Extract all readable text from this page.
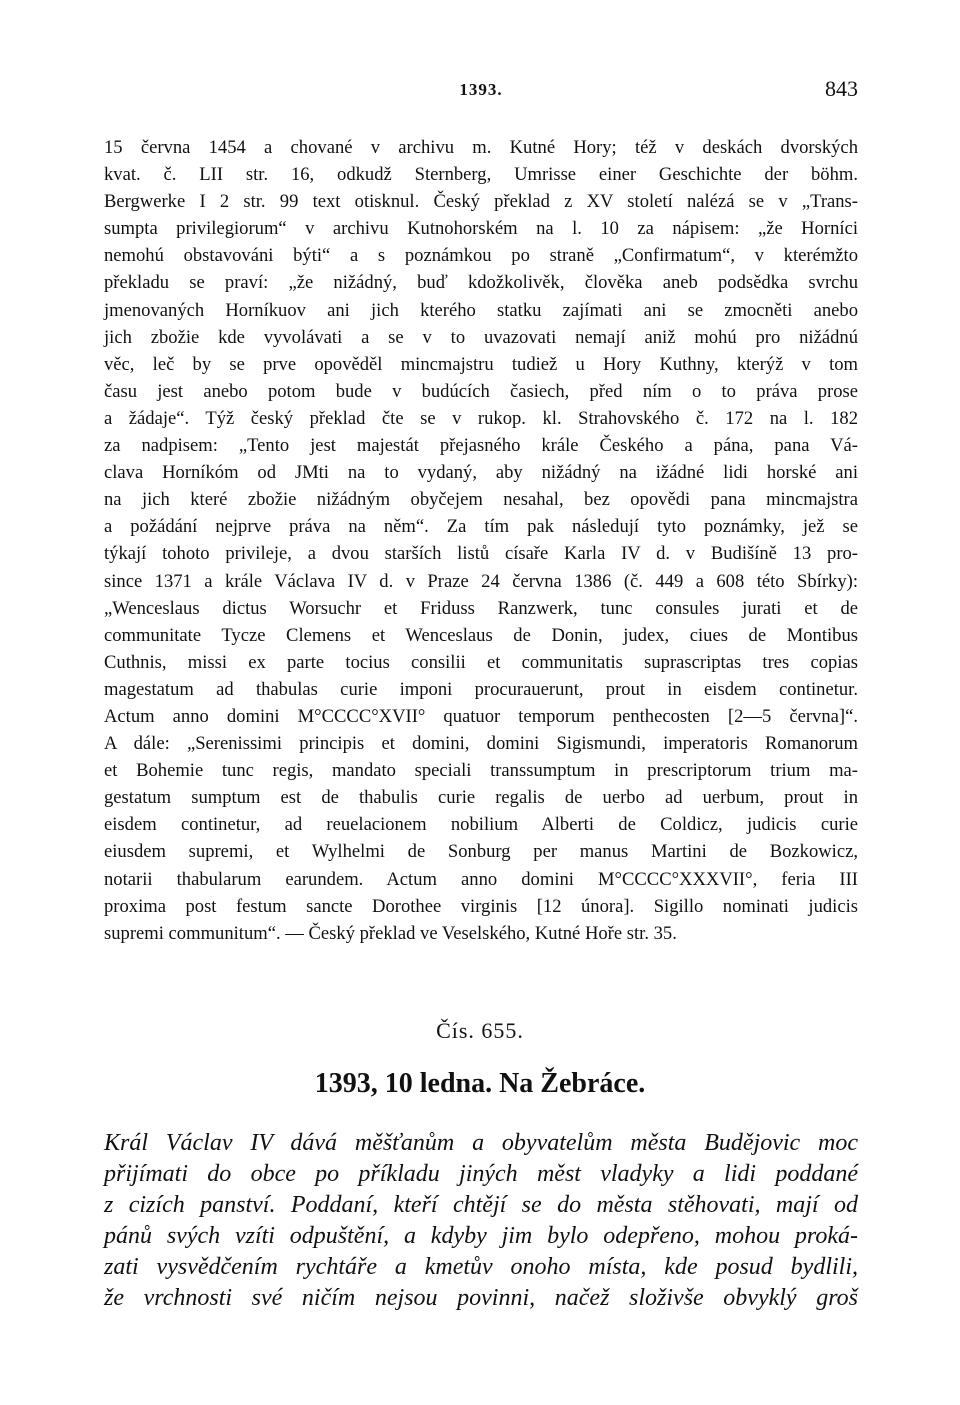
1393.	843
15 června 1454 a chované v archivu m. Kutné Hory; též v deskách dvorských
kvat. č. LII str. 16, odkudž Sternberg, Umrisse einer Geschichte der böhm.
Bergwerke I 2 str. 99 text otisknul. Český překlad z XV století nalézá se v „Trans-
sumpta privilegiorum“ v archivu Kutnohorském na l. 10 za nápisem: „že Horníci
nemohú obstavováni býti“ a s poznámkou po straně „Confirmatum“, v kterémžto
překladu se praví: „že nižádný, buď kdožkolivěk, člověka aneb podsědka svrchu
jmenovaných Horníkuov ani jich kterého statku zajímati ani se zmocněti anebo
jich zbožie kde vyvolávati a se v to uvazovati nemají aniž mohú pro nižádnú
věc, leč by se prve opověděl mincmajstru tudiež u Hory Kuthny, kterýž v tom
času jest anebo potom bude v budúcích časiech, před ním o to práva prose
a žádaje“. Týž český překlad čte se v rukop. kl. Strahovského č. 172 na l. 182
za nadpisem: „Tento jest majestát přejasného krále Českého a pána, pana Vá-
clava Horníkóm od JMti na to vydaný, aby nižádný na ižádné lidi horské ani
na jich které zbožie nižádným obyčejem nesahal, bez opovědi pana mincmajstra
a požádání nejprve práva na něm“. Za tím pak následují tyto poznámky, jež se
týkají tohoto privileje, a dvou starších listů císaře Karla IV d. v Budišíně 13 pro-
since 1371 a krále Václava IV d. v Praze 24 června 1386 (č. 449 a 608 této Sbírky):
„Wenceslaus dictus Worsuchr et Friduss Ranzwerk, tunc consules jurati et de
communitate Tycze Clemens et Wenceslaus de Donin, judex, ciues de Montibus
Cuthnis, missi ex parte tocius consilii et communitatis suprascriptas tres copias
magestatum ad thabulas curie imponi procurauerunt, prout in eisdem continetur.
Actum anno domini M°CCCC°XVII° quatuor temporum penthecosten [2—5 června]“.
A dále: „Serenissimi principis et domini, domini Sigismundi, imperatoris Romanorum
et Bohemie tunc regis, mandato speciali transsumptum in prescriptorum trium ma-
gestatum sumptum est de thabulis curie regalis de uerbo ad uerbum, prout in
eisdem continetur, ad reuelacionem nobilium Alberti de Coldicz, judicis curie
eiusdem supremi, et Wylhelmi de Sonburg per manus Martini de Bozkowicz,
notarii thabularum earundem. Actum anno domini M°CCCC°XXXVII°, feria III
proxima post festum sancte Dorothee virginis [12 února]. Sigillo nominati judicis
supremi communitum“. — Český překlad ve Veselského, Kutné Hoře str. 35.
Čís. 655.
1393, 10 ledna. Na Žebráce.
Král Václav IV dává měšťanům a obyvatelům města Budějovic moc
přijímati do obce po příkladu jiných měst vladyky a lidi poddané
z cizích panství. Poddaní, kteří chtějí se do města stěhovati, mají od
pánů svých vzíti odpuštění, a kdyby jim bylo odepřeno, mohou proká-
zati vysvědčením rychtáře a kmetův onoho místa, kde posud bydlili,
že vrchnosti své ničím nejsou povinni, načež složivše obvyklý groš
